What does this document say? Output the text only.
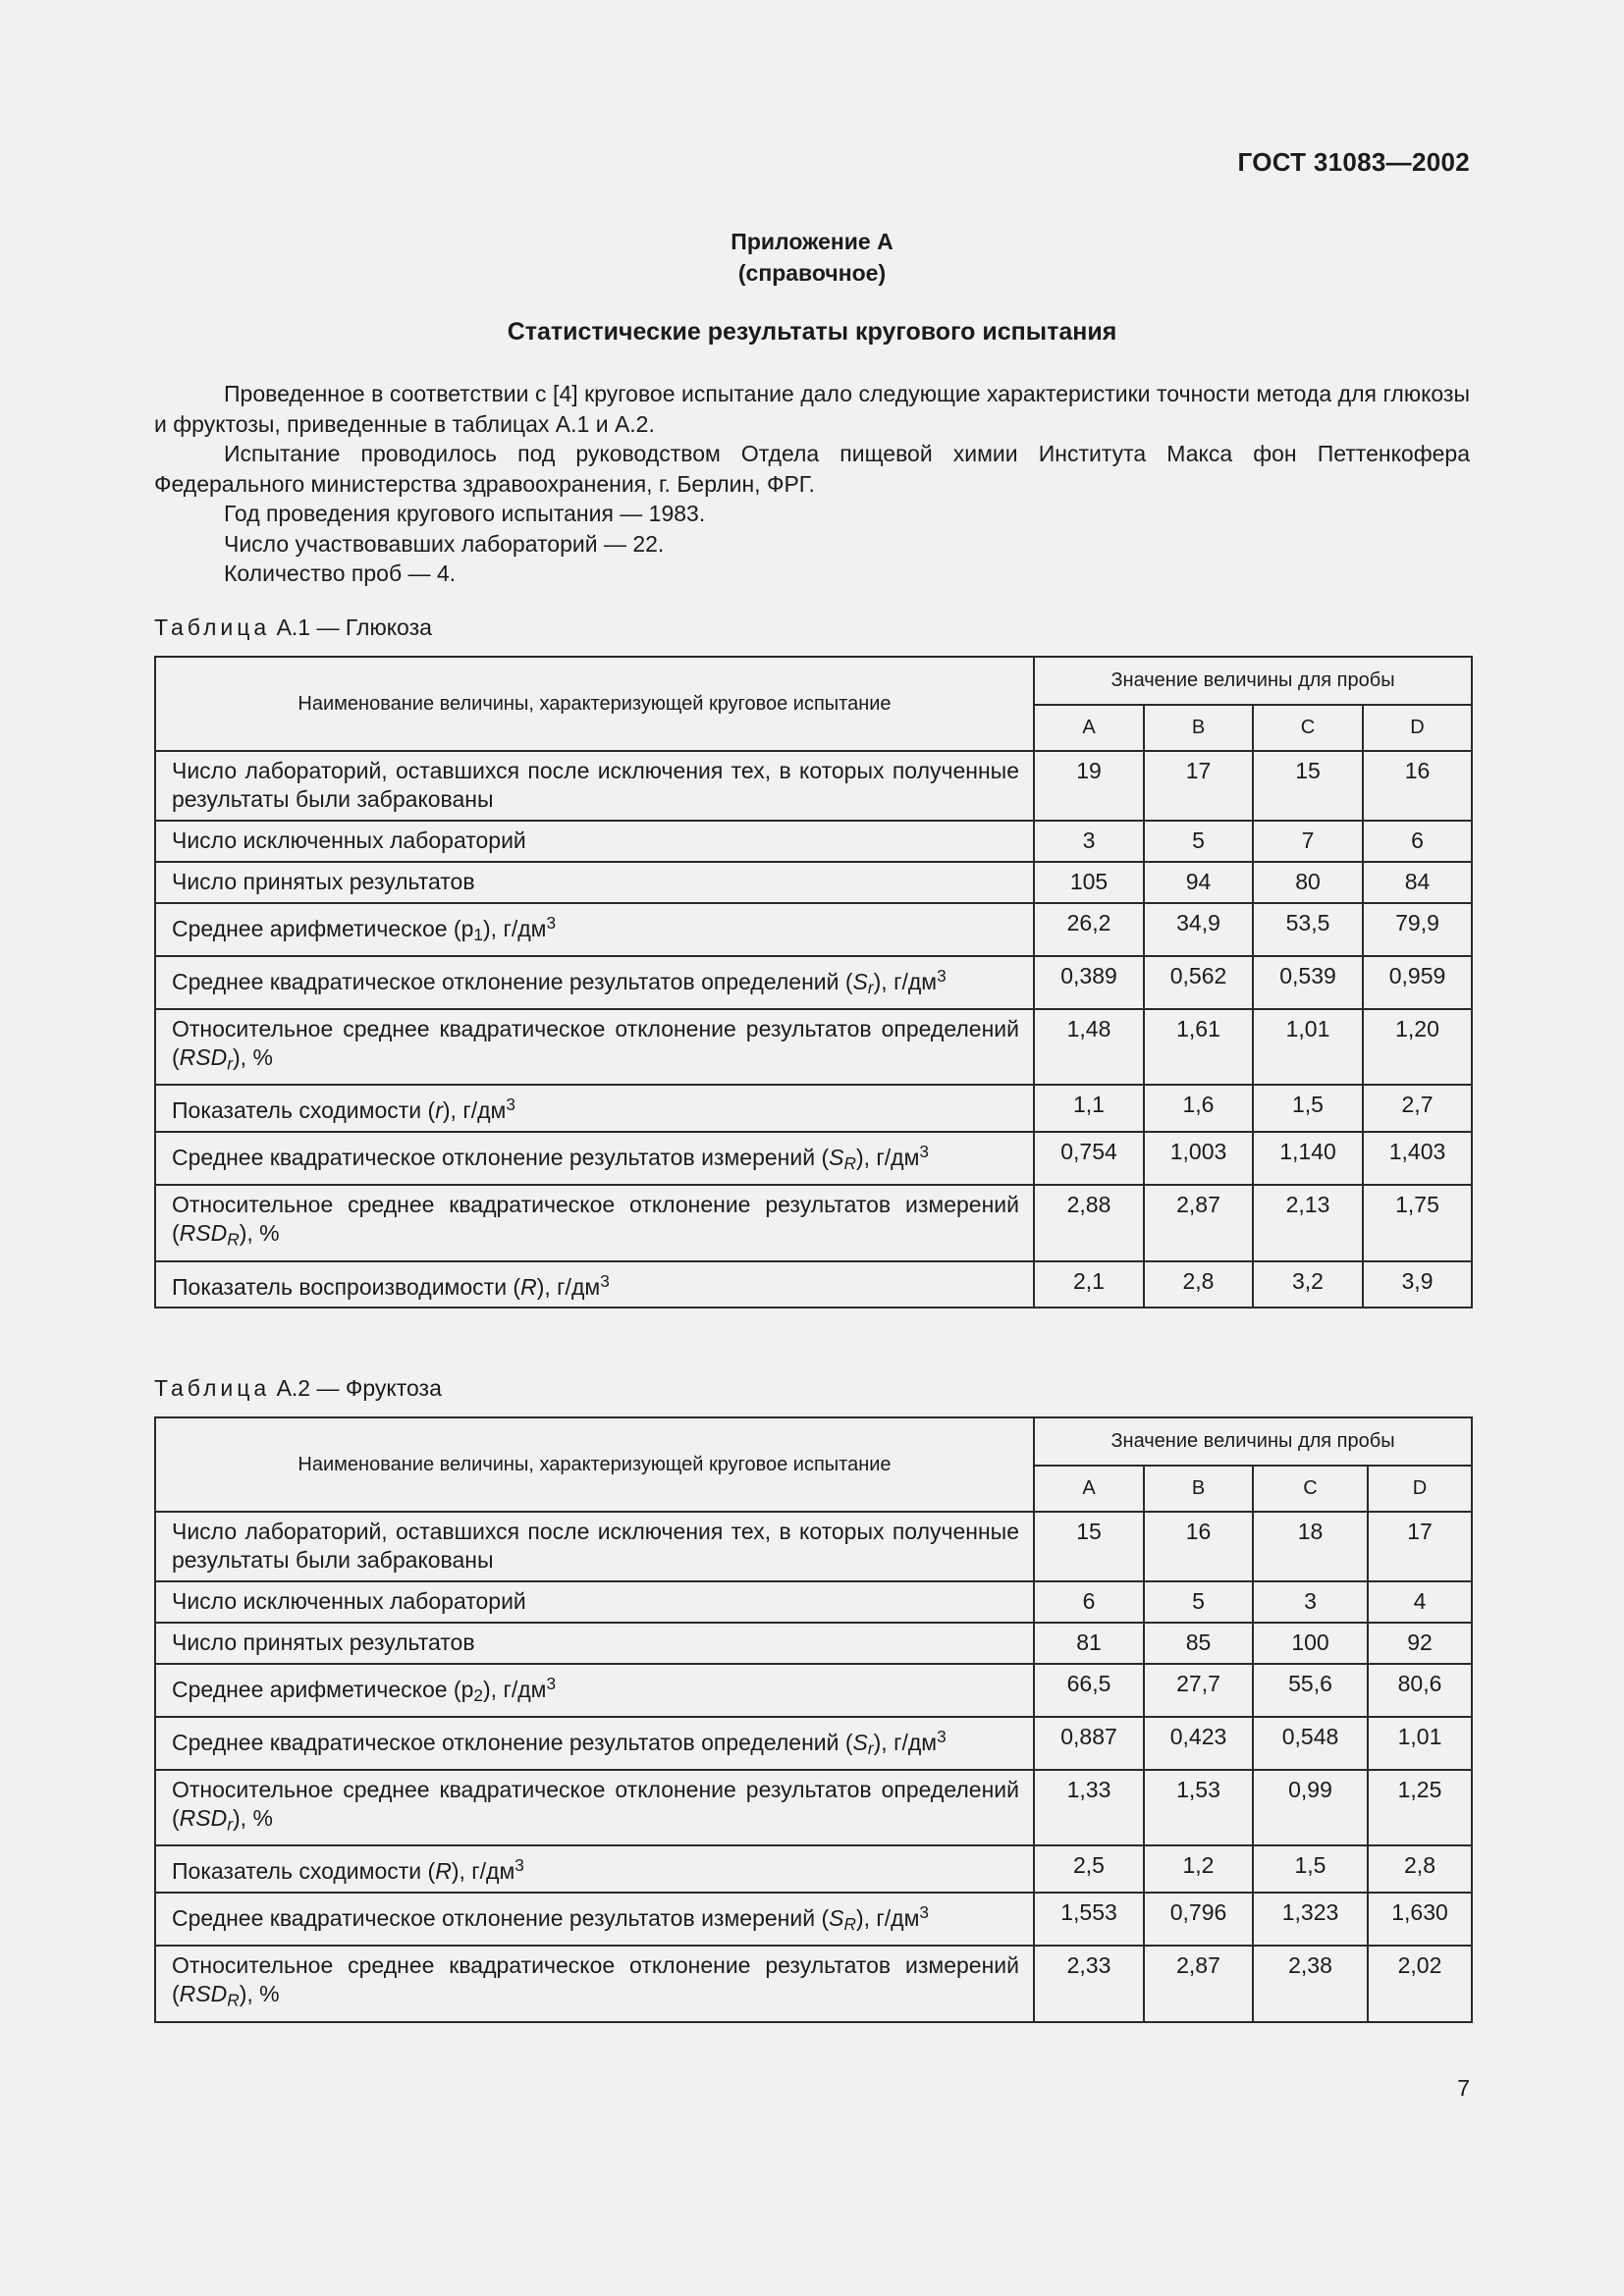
ГОСТ 31083—2002
Приложение А
(справочное)
Статистические результаты кругового испытания

Проведенное в соответствии с [4] круговое испытание дало следующие характеристики точности метода для глюкозы и фруктозы, приведенные в таблицах А.1 и А.2.

Испытание проводилось под руководством Отдела пищевой химии Института Макса фон Петтенкофера Федерального министерства здравоохранения, г. Берлин, ФРГ.

Год проведения кругового испытания — 1983.

Число участвовавших лабораторий — 22.

Количество проб — 4.

Таблица А.1 — Глюкоза
Наименование величины, характеризующей круговое испытание	Значение величины для пробы			
	А	В	С	D
Число лабораторий, оставшихся после исключения тех, в которых полученные результаты были забракованы	19	17	15	16
Число исключенных лабораторий	3	5	7	6
Число принятых результатов	105	94	80	84
Среднее арифметическое $(р_1)$, $г/дм^3$	26,2	34,9	53,5	79,9
Среднее квадратическое отклонение результатов определений $(S_r)$, $г/дм^3$	0,389	0,562	0,539	0,959
Относительное среднее квадратическое отклонение результатов определений $(RSD_r)$, %	1,48	1,61	1,01	1,20
Показатель сходимости (r), $г/дм^3$	1,1	1,6	1,5	2,7
Среднее квадратическое отклонение результатов измерений $(S_R)$, $г/дм^3$	0,754	1,003	1,140	1,403
Относительное среднее квадратическое отклонение результатов измерений $(RSD_R)$, %	2,88	2,87	2,13	1,75
Показатель воспроизводимости (R), $г/дм^3$	2,1	2,8	3,2	3,9
Таблица А.2 — Фруктоза
Наименование величины, характеризующей круговое испытание	Значение величины для пробы			
	А	В	С	D
Число лабораторий, оставшихся после исключения тех, в которых полученные результаты были забракованы	15	16	18	17
Число исключенных лабораторий	6	5	3	4
Число принятых результатов	81	85	100	92
Среднее арифметическое $(р_2)$, $г/дм^3$	66,5	27,7	55,6	80,6
Среднее квадратическое отклонение результатов определений $(S_r)$, $г/дм^3$	0,887	0,423	0,548	1,01
Относительное среднее квадратическое отклонение результатов определений $(RSD_r)$, %	1,33	1,53	0,99	1,25
Показатель сходимости (R), $г/дм^3$	2,5	1,2	1,5	2,8
Среднее квадратическое отклонение результатов измерений $(S_R)$, $г/дм^3$	1,553	0,796	1,323	1,630
Относительное среднее квадратическое отклонение результатов измерений $(RSD_R)$, %	2,33	2,87	2,38	2,02
7
